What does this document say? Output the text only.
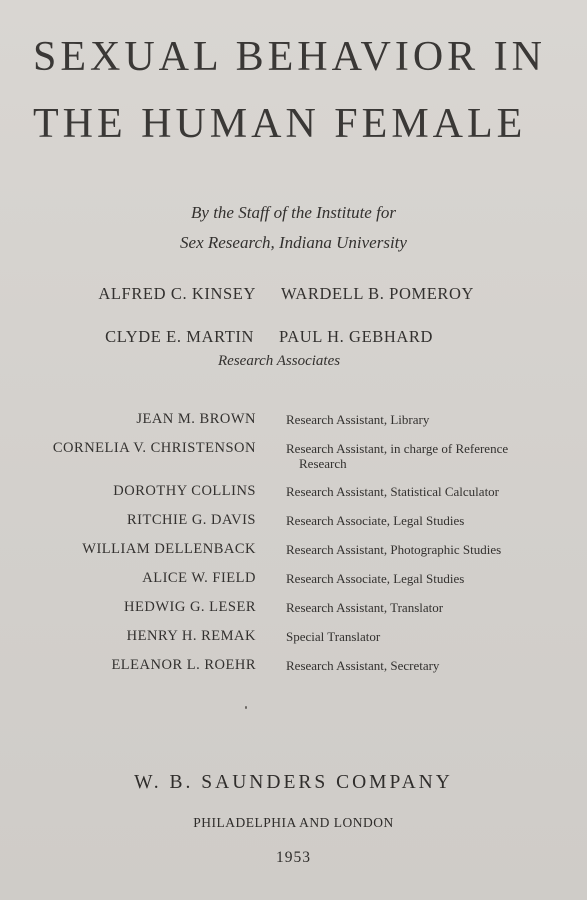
SEXUAL BEHAVIOR IN
THE HUMAN FEMALE
By the Staff of the Institute for
Sex Research, Indiana University
ALFRED C. KINSEY WARDELL B. POMEROY
CLYDE E. MARTIN PAUL H. GEBHARD
Research Associates
JEAN M. BROWN Research Assistant, Library
CORNELIA V. CHRISTENSON Research Assistant, in charge of Reference Research
DOROTHY COLLINS Research Assistant, Statistical Calculator
RITCHIE G. DAVIS Research Associate, Legal Studies
WILLIAM DELLENBACK Research Assistant, Photographic Studies
ALICE W. FIELD Research Associate, Legal Studies
HEDWIG G. LESER Research Assistant, Translator
HENRY H. REMAK Special Translator
ELEANOR L. ROEHR Research Assistant, Secretary
W. B. SAUNDERS COMPANY
PHILADELPHIA AND LONDON
1953
